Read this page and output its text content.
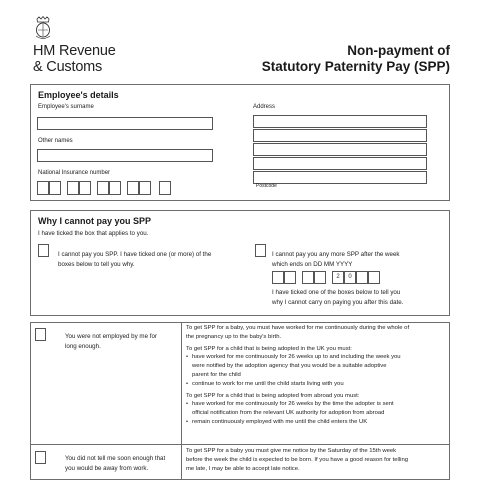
HM Revenue
& Customs
Non-payment of
Statutory Paternity Pay (SPP)
Employee's details
Employee's surname
Other names
National Insurance number
Address
Postcode
Why I cannot pay you SPP
I have ticked the box that applies to you.
I cannot pay you SPP. I have ticked one (or more) of the
boxes below to tell you why.
I cannot pay you any more SPP after the week
which ends on DD MM YYYY
2	0
I have ticked one of the boxes below to tell you
why I cannot carry on paying you after this date.
You were not employed by me for
long enough.
To get SPP for a baby, you must have worked for me continuously during the whole of
the pregnancy up to the baby's birth.
To get SPP for a child that is being adopted in the UK you must:
• have worked for me continuously for 26 weeks up to and including the week you
were notified by the adoption agency that you would be a suitable adoptive
parent for the child
• continue to work for me until the child starts living with you
To get SPP for a child that is being adopted from abroad you must:
• have worked for me continuously for 26 weeks by the time the adopter is sent
official notification from the relevant UK authority for adoption from abroad
• remain continuously employed with me until the child enters the UK
You did not tell me soon enough that
you would be away from work.
To get SPP for a baby you must give me notice by the Saturday of the 15th week
before the week the child is expected to be born. If you have a good reason for telling
me late, I may be able to accept late notice.
